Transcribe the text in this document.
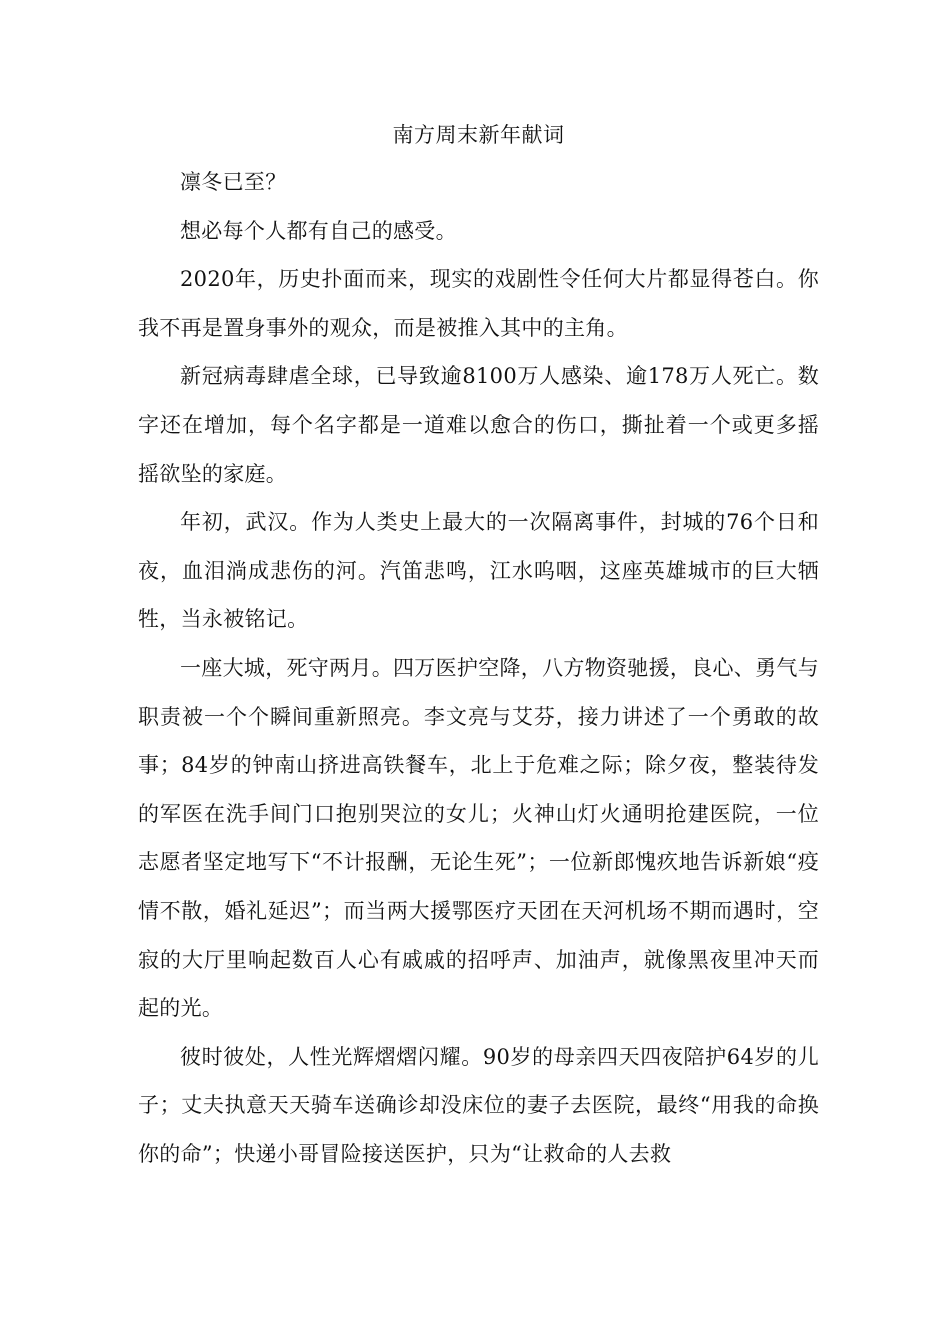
南方周末新年献词

凛冬已至？

想必每个人都有自己的感受。

2020年，历史扑面而来，现实的戏剧性令任何大片都显得苍白。你我不再是置身事外的观众，而是被推入其中的主角。

新冠病毒肆虐全球，已导致逾8100万人感染、逾178万人死亡。数字还在增加，每个名字都是一道难以愈合的伤口，撕扯着一个或更多摇摇欲坠的家庭。

年初，武汉。作为人类史上最大的一次隔离事件，封城的76个日和夜，血泪淌成悲伤的河。汽笛悲鸣，江水呜咽，这座英雄城市的巨大牺牲，当永被铭记。

一座大城，死守两月。四万医护空降，八方物资驰援，良心、勇气与职责被一个个瞬间重新照亮。李文亮与艾芬，接力讲述了一个勇敢的故事；84岁的钟南山挤进高铁餐车，北上于危难之际；除夕夜，整装待发的军医在洗手间门口抱别哭泣的女儿；火神山灯火通明抢建医院，一位志愿者坚定地写下“不计报酬，无论生死”；一位新郎愧疚地告诉新娘“疫情不散，婚礼延迟”；而当两大援鄂医疗天团在天河机场不期而遇时，空寂的大厅里响起数百人心有戚戚的招呼声、加油声，就像黑夜里冲天而起的光。

彼时彼处，人性光辉熠熠闪耀。90岁的母亲四天四夜陪护64岁的儿子；丈夫执意天天骑车送确诊却没床位的妻子去医院，最终“用我的命换你的命”；快递小哥冒险接送医护，只为“让救命的人去救
